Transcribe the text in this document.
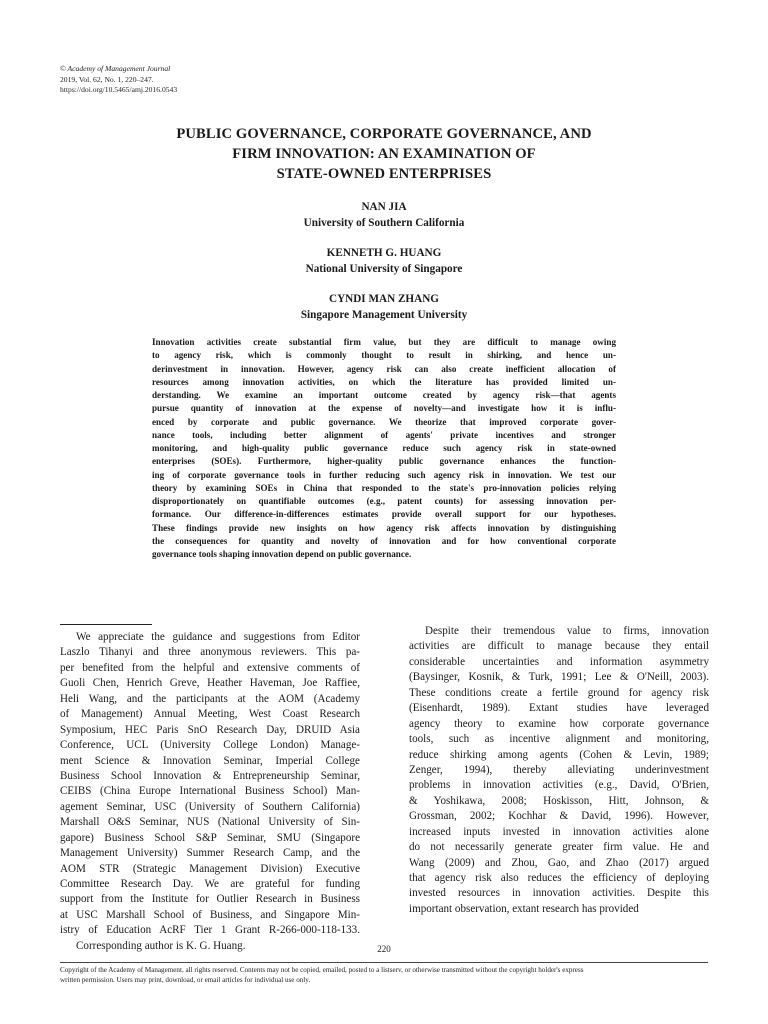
© Academy of Management Journal
2019, Vol. 62, No. 1, 220–247.
https://doi.org/10.5465/amj.2016.0543
PUBLIC GOVERNANCE, CORPORATE GOVERNANCE, AND
FIRM INNOVATION: AN EXAMINATION OF
STATE-OWNED ENTERPRISES
NAN JIA
University of Southern California
KENNETH G. HUANG
National University of Singapore
CYNDI MAN ZHANG
Singapore Management University
Innovation activities create substantial firm value, but they are difficult to manage owing
to agency risk, which is commonly thought to result in shirking, and hence un-
derinvestment in innovation. However, agency risk can also create inefficient allocation of
resources among innovation activities, on which the literature has provided limited un-
derstanding. We examine an important outcome created by agency risk—that agents
pursue quantity of innovation at the expense of novelty—and investigate how it is influ-
enced by corporate and public governance. We theorize that improved corporate gover-
nance tools, including better alignment of agents' private incentives and stronger
monitoring, and high-quality public governance reduce such agency risk in state-owned
enterprises (SOEs). Furthermore, higher-quality public governance enhances the function-
ing of corporate governance tools in further reducing such agency risk in innovation. We test our
theory by examining SOEs in China that responded to the state's pro-innovation policies relying
disproportionately on quantifiable outcomes (e.g., patent counts) for assessing innovation per-
formance. Our difference-in-differences estimates provide overall support for our hypotheses.
These findings provide new insights on how agency risk affects innovation by distinguishing
the consequences for quantity and novelty of innovation and for how conventional corporate
governance tools shaping innovation depend on public governance.
We appreciate the guidance and suggestions from Editor
Laszlo Tihanyi and three anonymous reviewers. This pa-
per benefited from the helpful and extensive comments of
Guoli Chen, Henrich Greve, Heather Haveman, Joe Raffiee,
Heli Wang, and the participants at the AOM (Academy
of Management) Annual Meeting, West Coast Research
Symposium, HEC Paris SnO Research Day, DRUID Asia
Conference, UCL (University College London) Manage-
ment Science & Innovation Seminar, Imperial College
Business School Innovation & Entrepreneurship Seminar,
CEIBS (China Europe International Business School) Man-
agement Seminar, USC (University of Southern California)
Marshall O&S Seminar, NUS (National University of Sin-
gapore) Business School S&P Seminar, SMU (Singapore
Management University) Summer Research Camp, and the
AOM STR (Strategic Management Division) Executive
Committee Research Day. We are grateful for funding
support from the Institute for Outlier Research in Business
at USC Marshall School of Business, and Singapore Min-
istry of Education AcRF Tier 1 Grant R-266-000-118-133.
Corresponding author is K. G. Huang.
Despite their tremendous value to firms, innovation
activities are difficult to manage because they entail
considerable uncertainties and information asymmetry
(Baysinger, Kosnik, & Turk, 1991; Lee & O'Neill, 2003).
These conditions create a fertile ground for agency risk
(Eisenhardt, 1989). Extant studies have leveraged
agency theory to examine how corporate governance
tools, such as incentive alignment and monitoring,
reduce shirking among agents (Cohen & Levin, 1989;
Zenger, 1994), thereby alleviating underinvestment
problems in innovation activities (e.g., David, O'Brien,
& Yoshikawa, 2008; Hoskisson, Hitt, Johnson, &
Grossman, 2002; Kochhar & David, 1996). However,
increased inputs invested in innovation activities alone
do not necessarily generate greater firm value. He and
Wang (2009) and Zhou, Gao, and Zhao (2017) argued
that agency risk also reduces the efficiency of deploying
invested resources in innovation activities. Despite this
important observation, extant research has provided
220
Copyright of the Academy of Management, all rights reserved. Contents may not be copied, emailed, posted to a listserv, or otherwise transmitted without the copyright holder's express
written permission. Users may print, download, or email articles for individual use only.
